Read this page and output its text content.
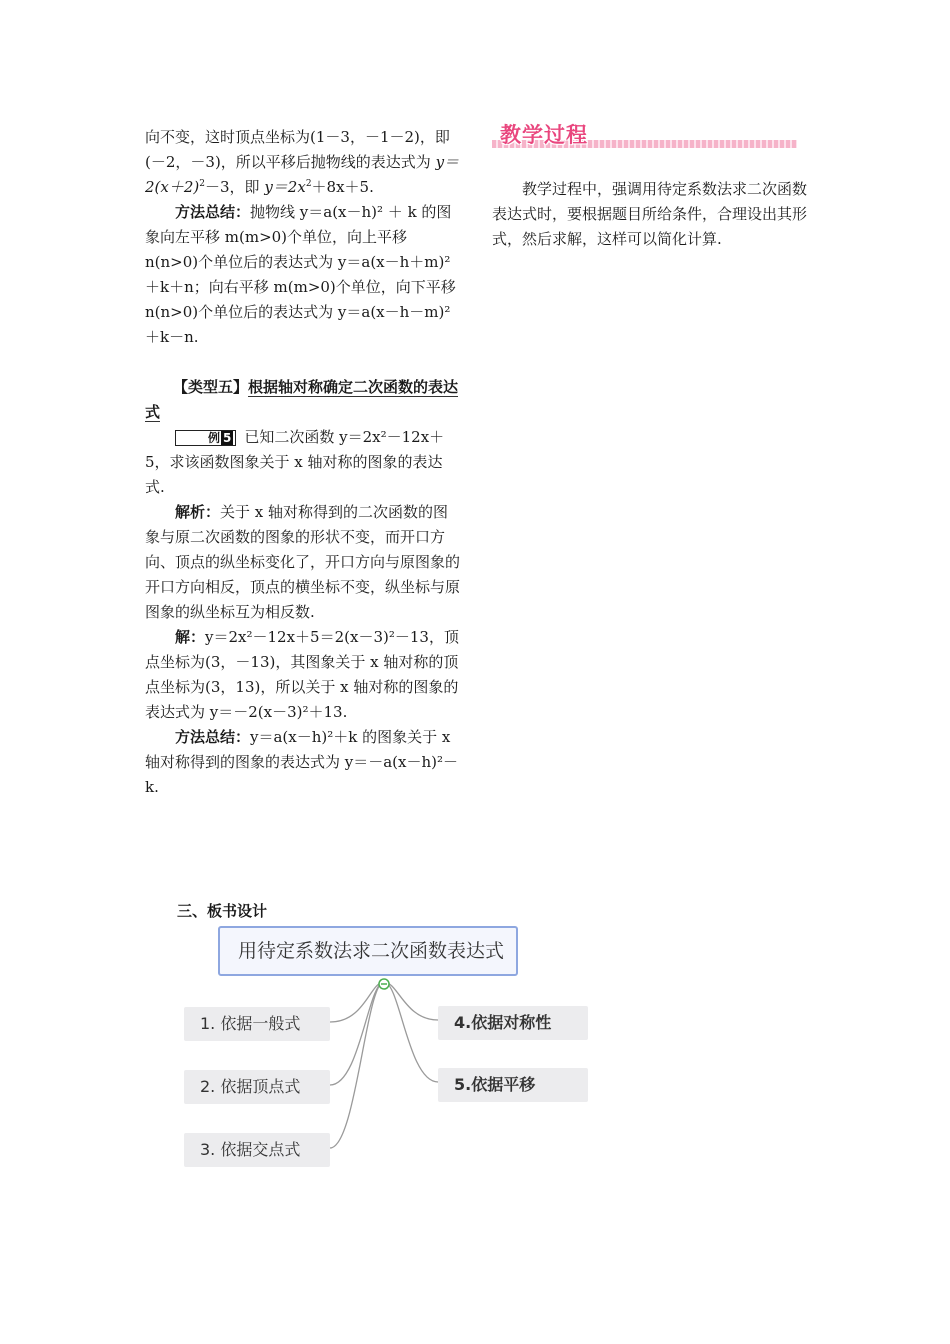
向不变，这时顶点坐标为(1－3，－1－2)，即(－2，－3)，所以平移后抛物线的表达式为 $y=2(x+2)^2-3$，即 $y=2x^2+8x+5$.

方法总结：抛物线 y＝a(x－h)² ＋ k 的图象向左平移 m(m>0)个单位，向上平移 n(n>0)个单位后的表达式为 y＝a(x－h＋m)²＋k＋n；向右平移 m(m>0)个单位，向下平移 n(n>0)个单位后的表达式为 y＝a(x－h－m)²＋k－n.

【类型五】根据轴对称确定二次函数的表达式

例 5 已知二次函数 y＝2x²－12x＋5，求该函数图象关于 x 轴对称的图象的表达式.

解析：关于 x 轴对称得到的二次函数的图象与原二次函数的图象的形状不变，而开口方向、顶点的纵坐标变化了，开口方向与原图象的开口方向相反，顶点的横坐标不变，纵坐标与原图象的纵坐标互为相反数.

解：y＝2x²－12x＋5＝2(x－3)²－13，顶点坐标为(3，－13)，其图象关于 x 轴对称的顶点坐标为(3，13)，所以关于 x 轴对称的图象的表达式为 y＝－2(x－3)²＋13.

方法总结：y＝a(x－h)²＋k 的图象关于 x 轴对称得到的图象的表达式为 y＝－a(x－h)²－k.

教学过程

教学过程中，强调用待定系数法求二次函数表达式时，要根据题目所给条件，合理设出其形式，然后求解，这样可以简化计算.

三、板书设计
用待定系数法求二次函数表达式
1. 依据一般式
2. 依据顶点式
3. 依据交点式
4.依据对称性
5.依据平移
